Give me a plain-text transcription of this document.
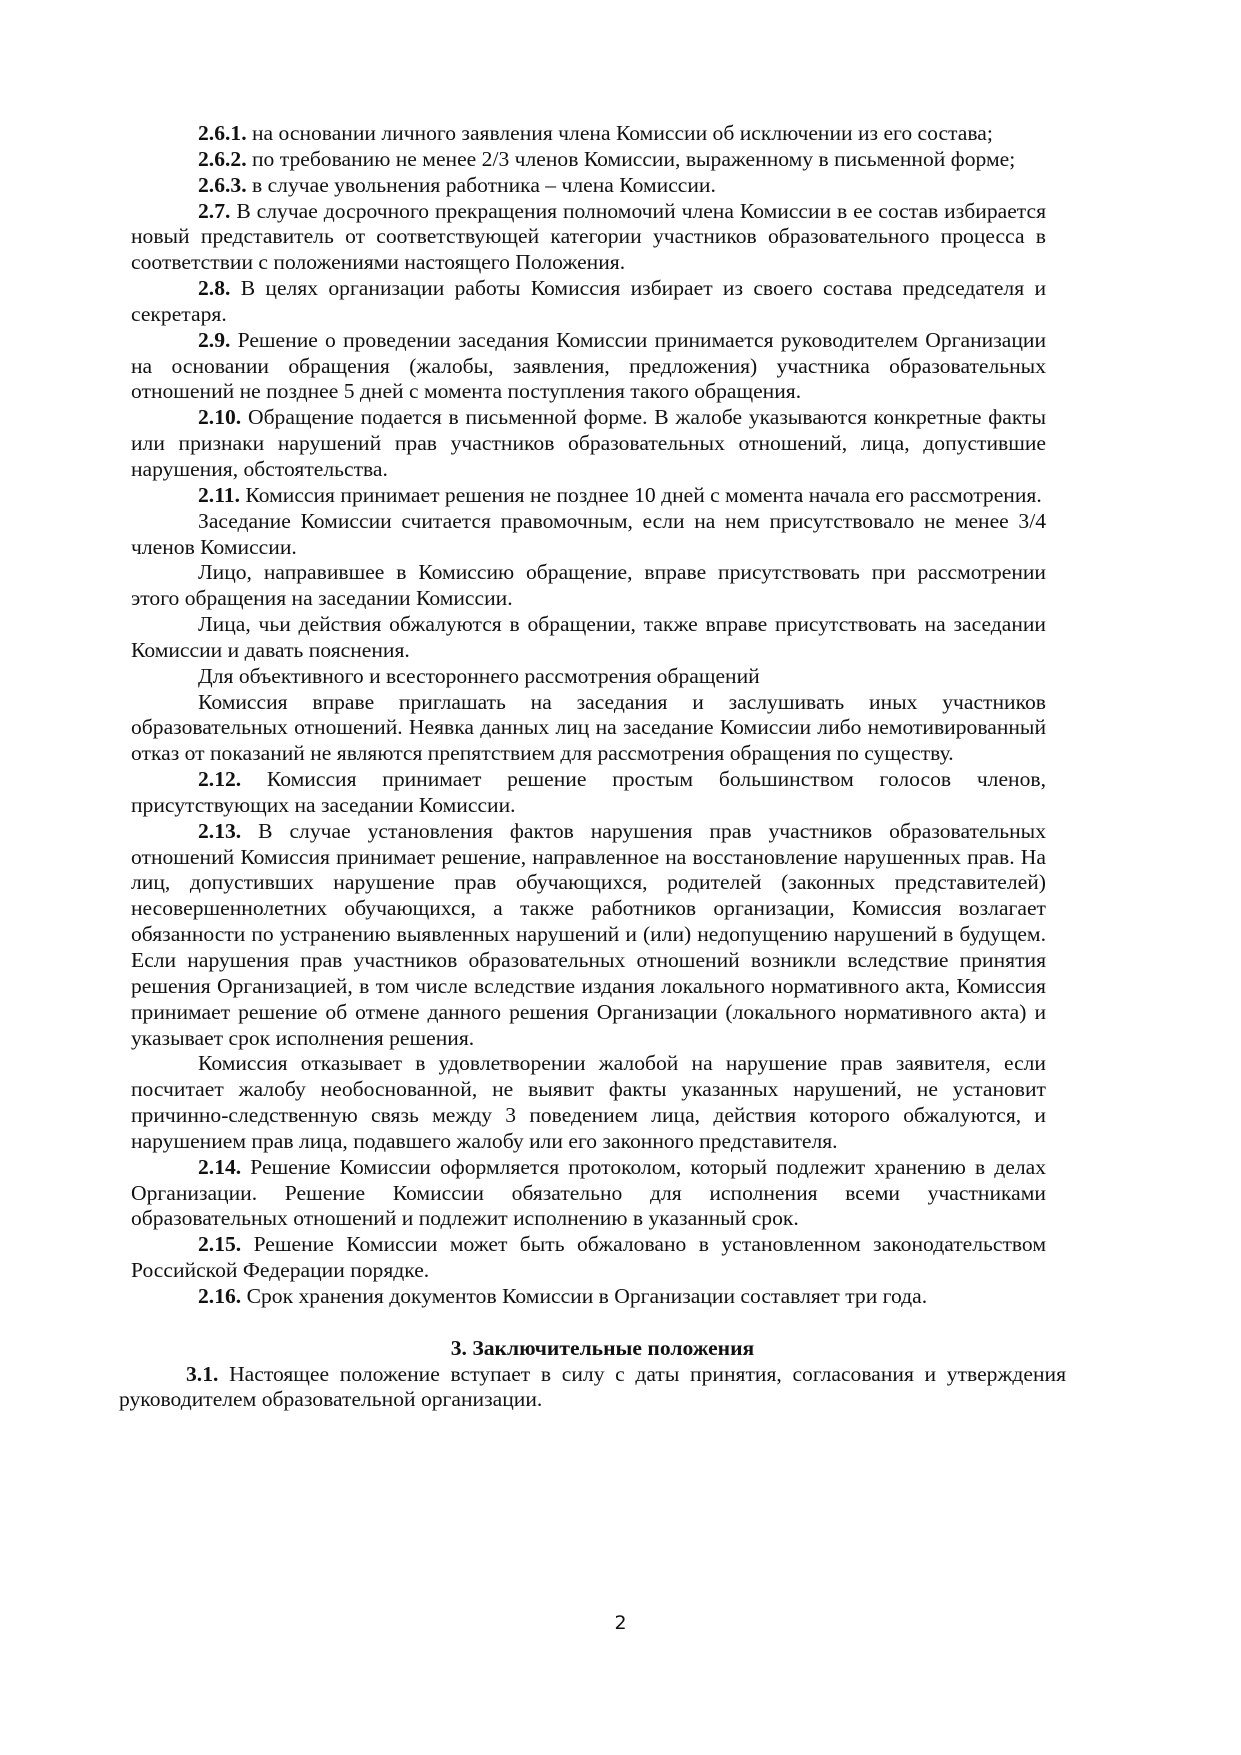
2.6.1. на основании личного заявления члена Комиссии об исключении из его состава;

2.6.2. по требованию не менее 2/3 членов Комиссии, выраженному в письменной форме;

2.6.3. в случае увольнения работника – члена Комиссии.

2.7. В случае досрочного прекращения полномочий члена Комиссии в ее состав избирается новый представитель от соответствующей категории участников образовательного процесса в соответствии с положениями настоящего Положения.

2.8. В целях организации работы Комиссия избирает из своего состава председателя и секретаря.

2.9. Решение о проведении заседания Комиссии принимается руководителем Организации на основании обращения (жалобы, заявления, предложения) участника образовательных отношений не позднее 5 дней с момента поступления такого обращения.

2.10. Обращение подается в письменной форме. В жалобе указываются конкретные факты или признаки нарушений прав участников образовательных отношений, лица, допустившие нарушения, обстоятельства.

2.11. Комиссия принимает решения не позднее 10 дней с момента начала его рассмотрения.

Заседание Комиссии считается правомочным, если на нем присутствовало не менее 3/4 членов Комиссии.

Лицо, направившее в Комиссию обращение, вправе присутствовать при рассмотрении этого обращения на заседании Комиссии.

Лица, чьи действия обжалуются в обращении, также вправе присутствовать на заседании Комиссии и давать пояснения.

Для объективного и всестороннего рассмотрения обращений

Комиссия вправе приглашать на заседания и заслушивать иных участников образовательных отношений. Неявка данных лиц на заседание Комиссии либо немотивированный отказ от показаний не являются препятствием для рассмотрения обращения по существу.

2.12. Комиссия принимает решение простым большинством голосов членов, присутствующих на заседании Комиссии.

2.13. В случае установления фактов нарушения прав участников образовательных отношений Комиссия принимает решение, направленное на восстановление нарушенных прав. На лиц, допустивших нарушение прав обучающихся, родителей (законных представителей) несовершеннолетних обучающихся, а также работников организации, Комиссия возлагает обязанности по устранению выявленных нарушений и (или) недопущению нарушений в будущем. Если нарушения прав участников образовательных отношений возникли вследствие принятия решения Организацией, в том числе вследствие издания локального нормативного акта, Комиссия принимает решение об отмене данного решения Организации (локального нормативного акта) и указывает срок исполнения решения.

Комиссия отказывает в удовлетворении жалобой на нарушение прав заявителя, если посчитает жалобу необоснованной, не выявит факты указанных нарушений, не установит причинно-следственную связь между 3 поведением лица, действия которого обжалуются, и нарушением прав лица, подавшего жалобу или его законного представителя.

2.14. Решение Комиссии оформляется протоколом, который подлежит хранению в делах Организации. Решение Комиссии обязательно для исполнения всеми участниками образовательных отношений и подлежит исполнению в указанный срок.

2.15. Решение Комиссии может быть обжаловано в установленном законодательством Российской Федерации порядке.

2.16. Срок хранения документов Комиссии в Организации составляет три года.

3. Заключительные положения

3.1. Настоящее положение вступает в силу с даты принятия, согласования и утверждения руководителем образовательной организации.

2
